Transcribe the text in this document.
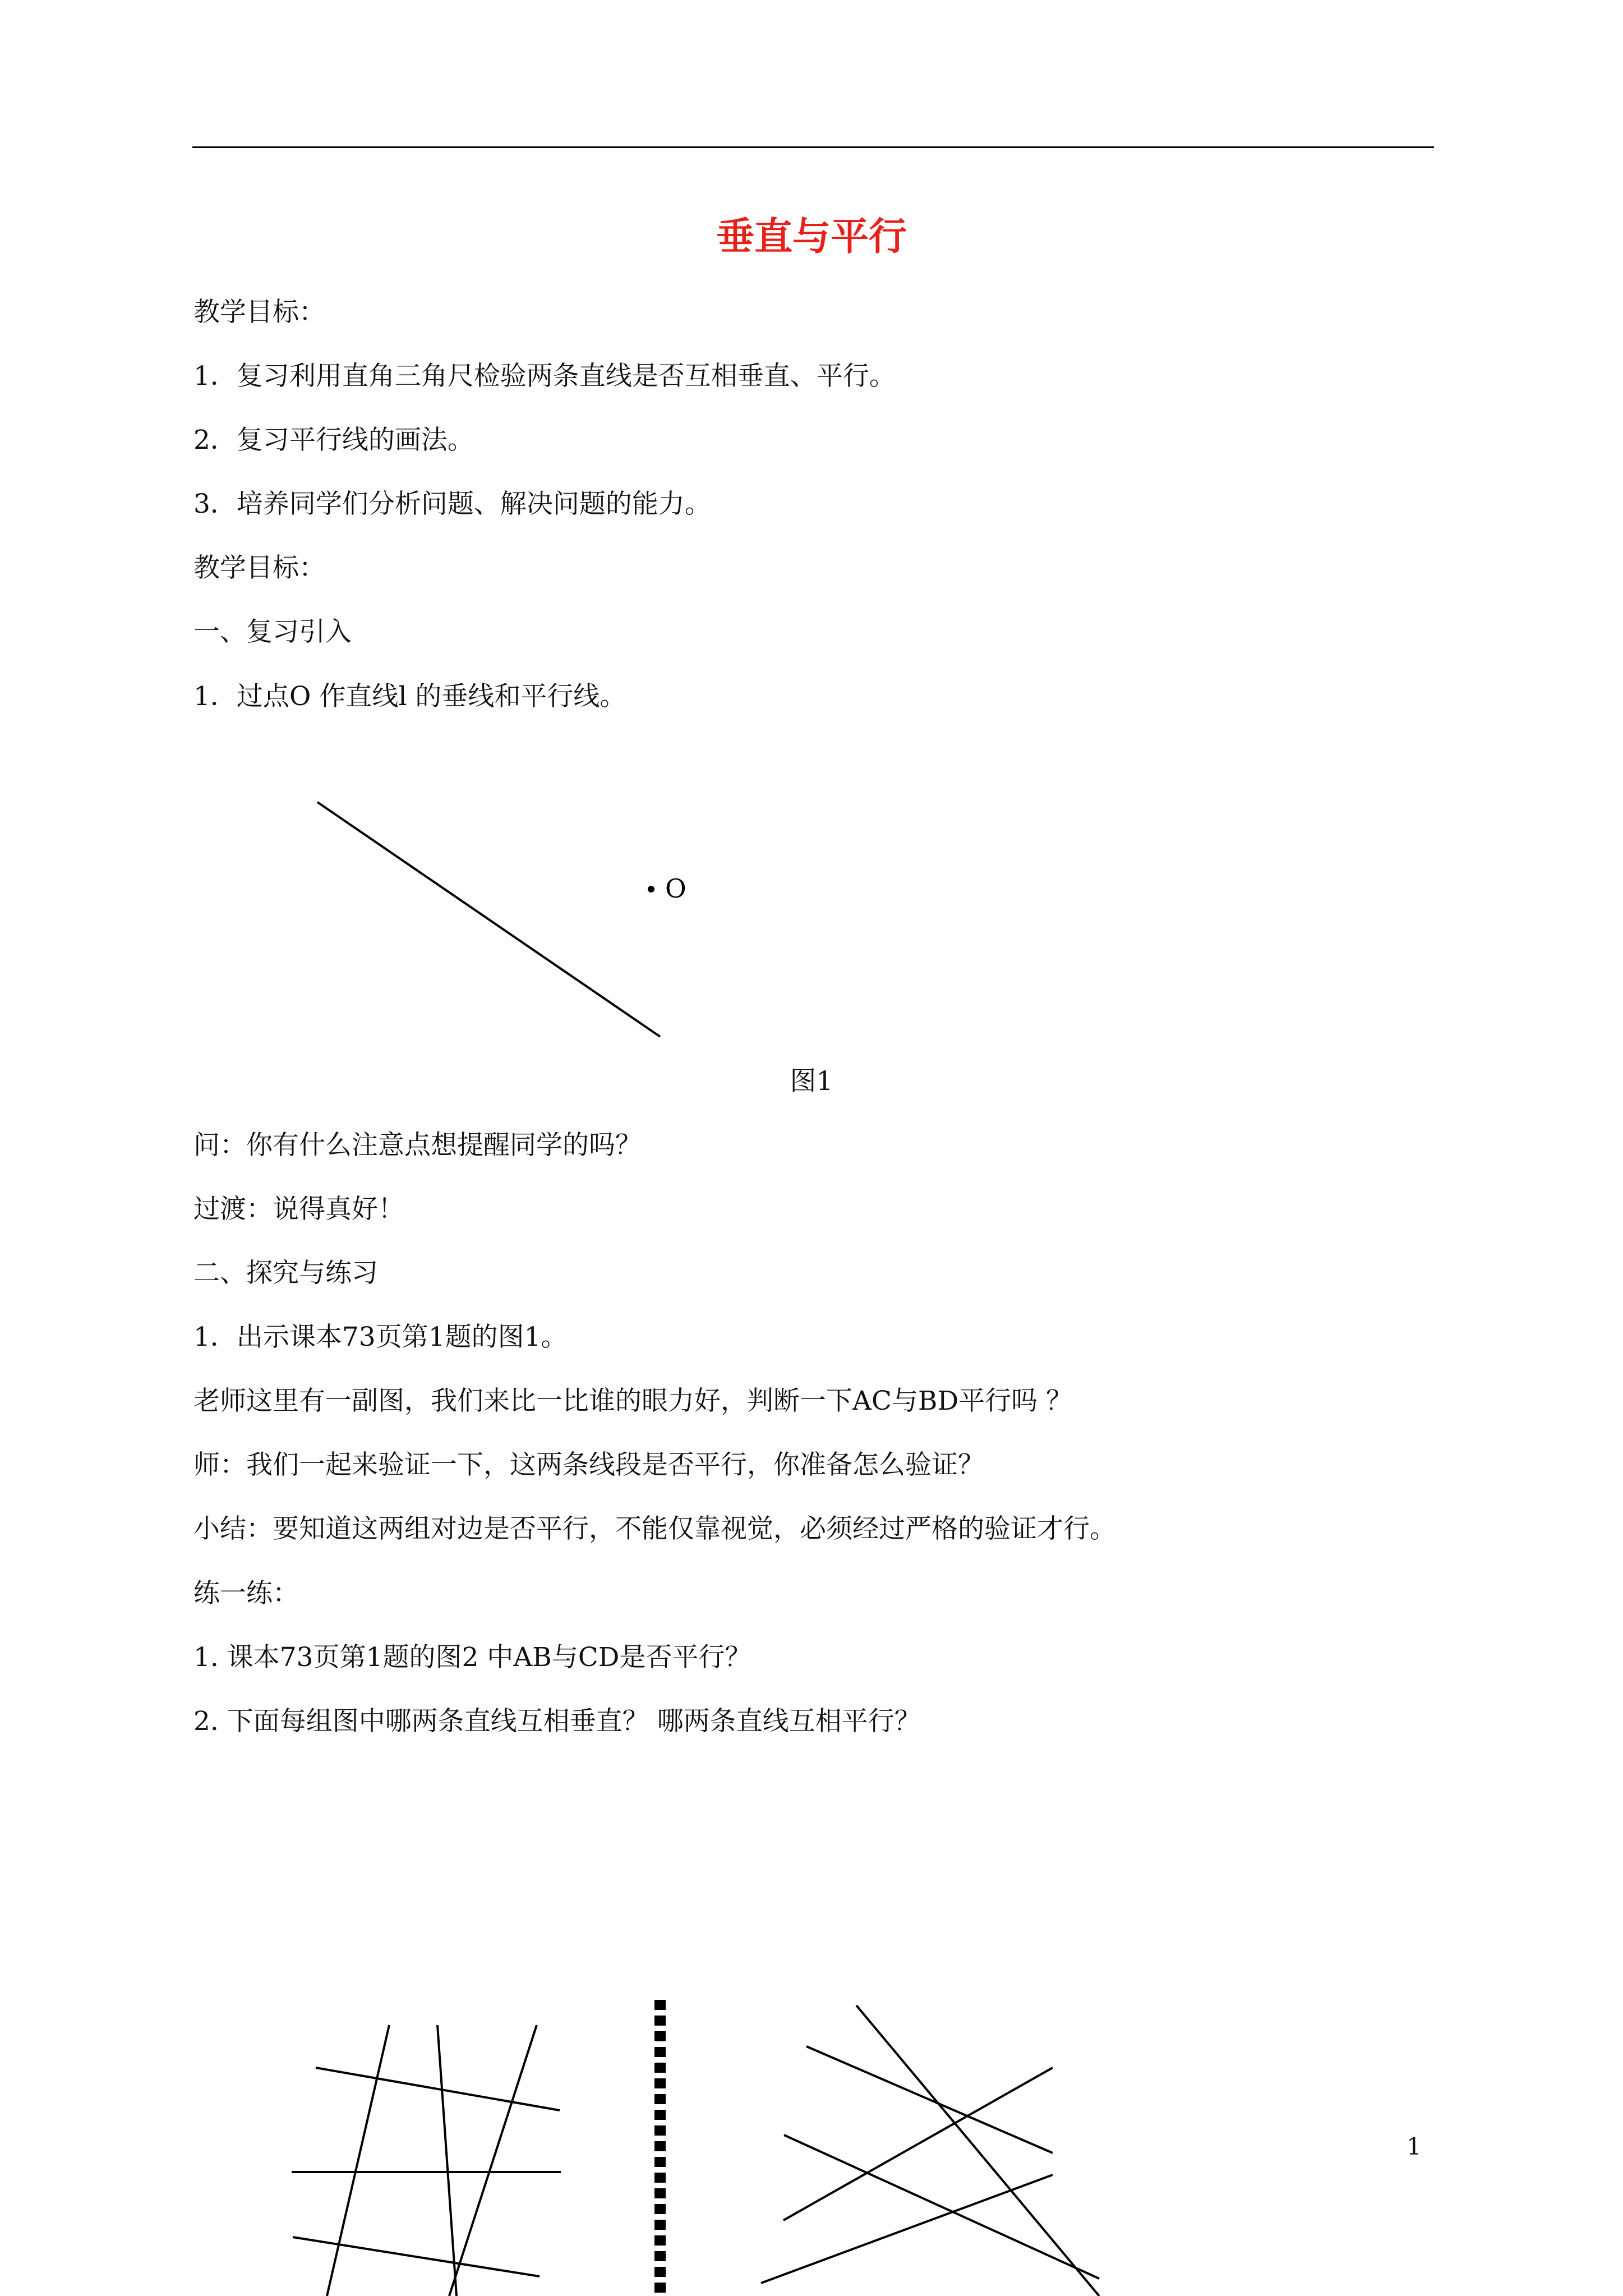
垂直与平行
教学目标：
1．复习利用直角三角尺检验两条直线是否互相垂直、平行。
2．复习平行线的画法。
3．培养同学们分析问题、解决问题的能力。
教学目标：
一、复习引入
1．过点O 作直线l 的垂线和平行线。
O
图1
问：你有什么注意点想提醒同学的吗？
过渡：说得真好！
二、探究与练习
1．出示课本73页第1题的图1。
老师这里有一副图，我们来比一比谁的眼力好，判断一下AC与BD平行吗 ？
师：我们一起来验证一下，这两条线段是否平行，你准备怎么验证？
小结：要知道这两组对边是否平行，不能仅靠视觉，必须经过严格的验证才行。
练一练：
1. 课本73页第1题的图2 中AB与CD是否平行？
2. 下面每组图中哪两条直线互相垂直？ 哪两条直线互相平行？
1
